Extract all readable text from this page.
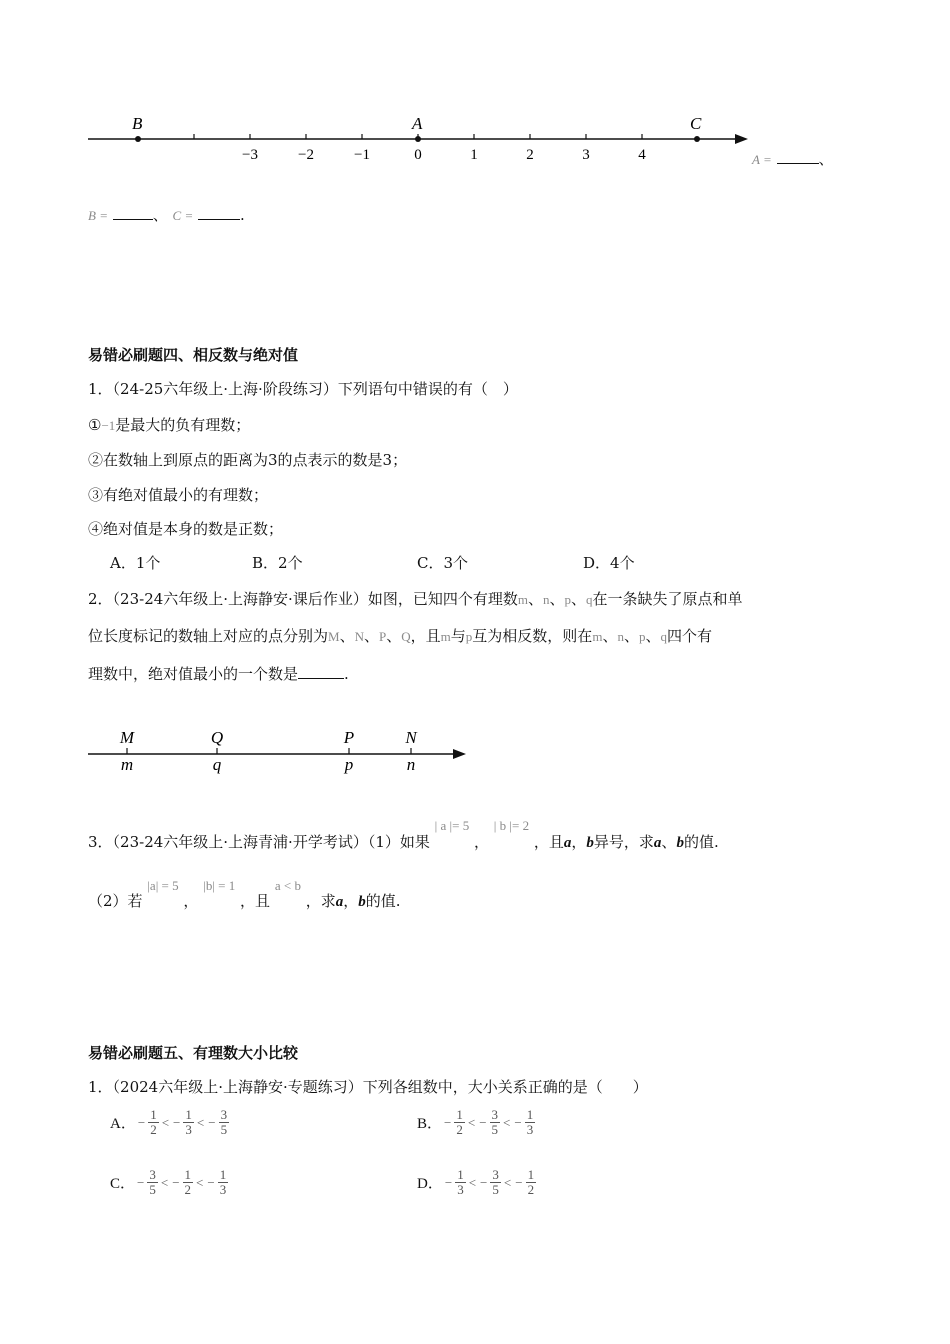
−3	−2	−1	0	1	2	3	4
B	A	C
A =	、
B =	、 C =	.
易错必刷题四、相反数与绝对值
1．（24-25六年级上·上海·阶段练习）下列语句中错误的有（　）
①−1是最大的负有理数；
②在数轴上到原点的距离为3的点表示的数是3；
③有绝对值最小的有理数；
④绝对值是本身的数是正数；
A．1个	B．2个	C．3个	D．4个
2．（23-24六年级上·上海静安·课后作业）如图，已知四个有理数m、n、p、q在一条缺失了原点和单
位长度标记的数轴上对应的点分别为M、N、P、Q，且m与p互为相反数，则在m、n、p、q四个有
理数中，绝对值最小的一个数是	.
M
m
Q
q
P
p
N
n
3．（23-24六年级上·上海青浦·开学考试）（1）如果 | a |= 5 ， | b |= 2 ，且a，b异号，求a、b的值.
（2）若 |a| = 5 ， |b| = 1 ，且 a < b ，求a，b的值.
易错必刷题五、有理数大小比较
1．（2024六年级上·上海静安·专题练习）下列各组数中，大小关系正确的是（　　）
A． − $\frac{1}{2}$ < − $\frac{1}{3}$ < − $\frac{3}{5}$	B． − $\frac{1}{2}$ < − $\frac{3}{5}$ < − $\frac{1}{3}$
C． − $\frac{3}{5}$ < − $\frac{1}{2}$ < − $\frac{1}{3}$	D． − $\frac{1}{3}$ < − $\frac{3}{5}$ < − $\frac{1}{2}$
